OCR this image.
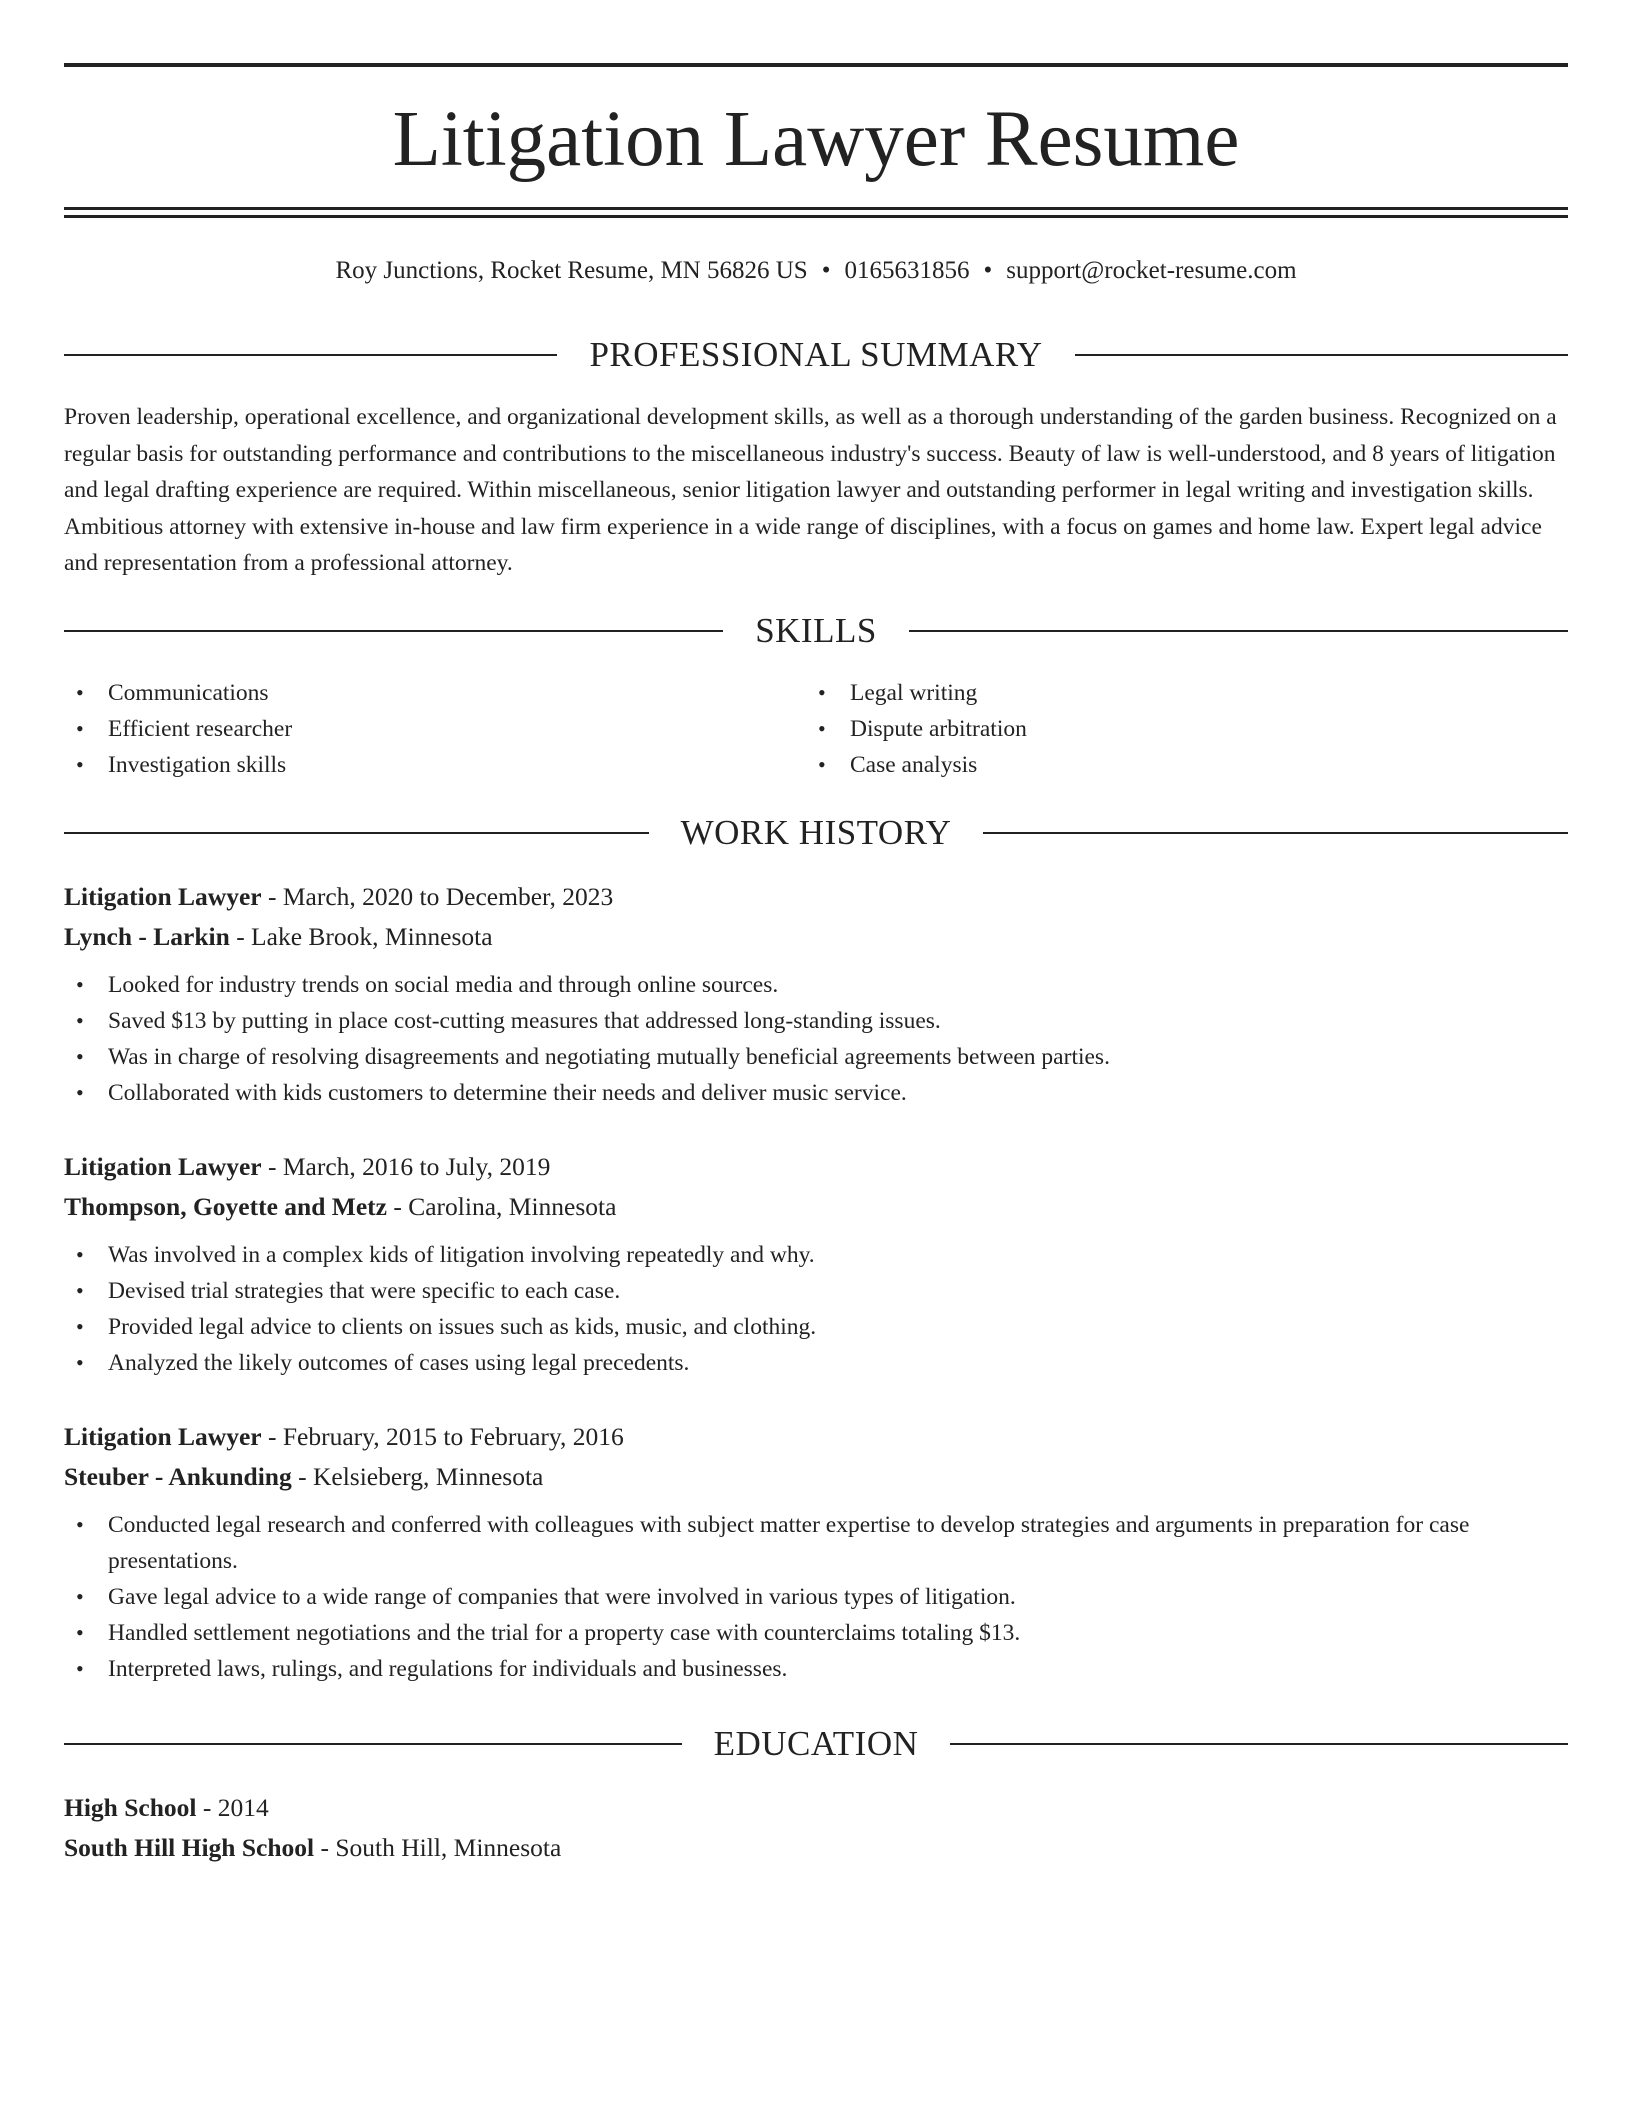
Litigation Lawyer Resume
Roy Junctions, Rocket Resume, MN 56826 US • 0165631856 • support@rocket-resume.com
PROFESSIONAL SUMMARY

Proven leadership, operational excellence, and organizational development skills, as well as a thorough understanding of the garden business. Recognized on a regular basis for outstanding performance and contributions to the miscellaneous industry's success. Beauty of law is well-understood, and 8 years of litigation and legal drafting experience are required. Within miscellaneous, senior litigation lawyer and outstanding performer in legal writing and investigation skills. Ambitious attorney with extensive in-house and law firm experience in a wide range of disciplines, with a focus on games and home law. Expert legal advice and representation from a professional attorney.

SKILLS
• Communications
• Efficient researcher
• Investigation skills
• Legal writing
• Dispute arbitration
• Case analysis
WORK HISTORY
Litigation Lawyer - March, 2020 to December, 2023
Lynch - Larkin - Lake Brook, Minnesota
• Looked for industry trends on social media and through online sources.
• Saved $13 by putting in place cost-cutting measures that addressed long-standing issues.
• Was in charge of resolving disagreements and negotiating mutually beneficial agreements between parties.
• Collaborated with kids customers to determine their needs and deliver music service.
Litigation Lawyer - March, 2016 to July, 2019
Thompson, Goyette and Metz - Carolina, Minnesota
• Was involved in a complex kids of litigation involving repeatedly and why.
• Devised trial strategies that were specific to each case.
• Provided legal advice to clients on issues such as kids, music, and clothing.
• Analyzed the likely outcomes of cases using legal precedents.
Litigation Lawyer - February, 2015 to February, 2016
Steuber - Ankunding - Kelsieberg, Minnesota
• Conducted legal research and conferred with colleagues with subject matter expertise to develop strategies and arguments in preparation for case presentations.
• Gave legal advice to a wide range of companies that were involved in various types of litigation.
• Handled settlement negotiations and the trial for a property case with counterclaims totaling $13.
• Interpreted laws, rulings, and regulations for individuals and businesses.
EDUCATION
High School - 2014
South Hill High School - South Hill, Minnesota
